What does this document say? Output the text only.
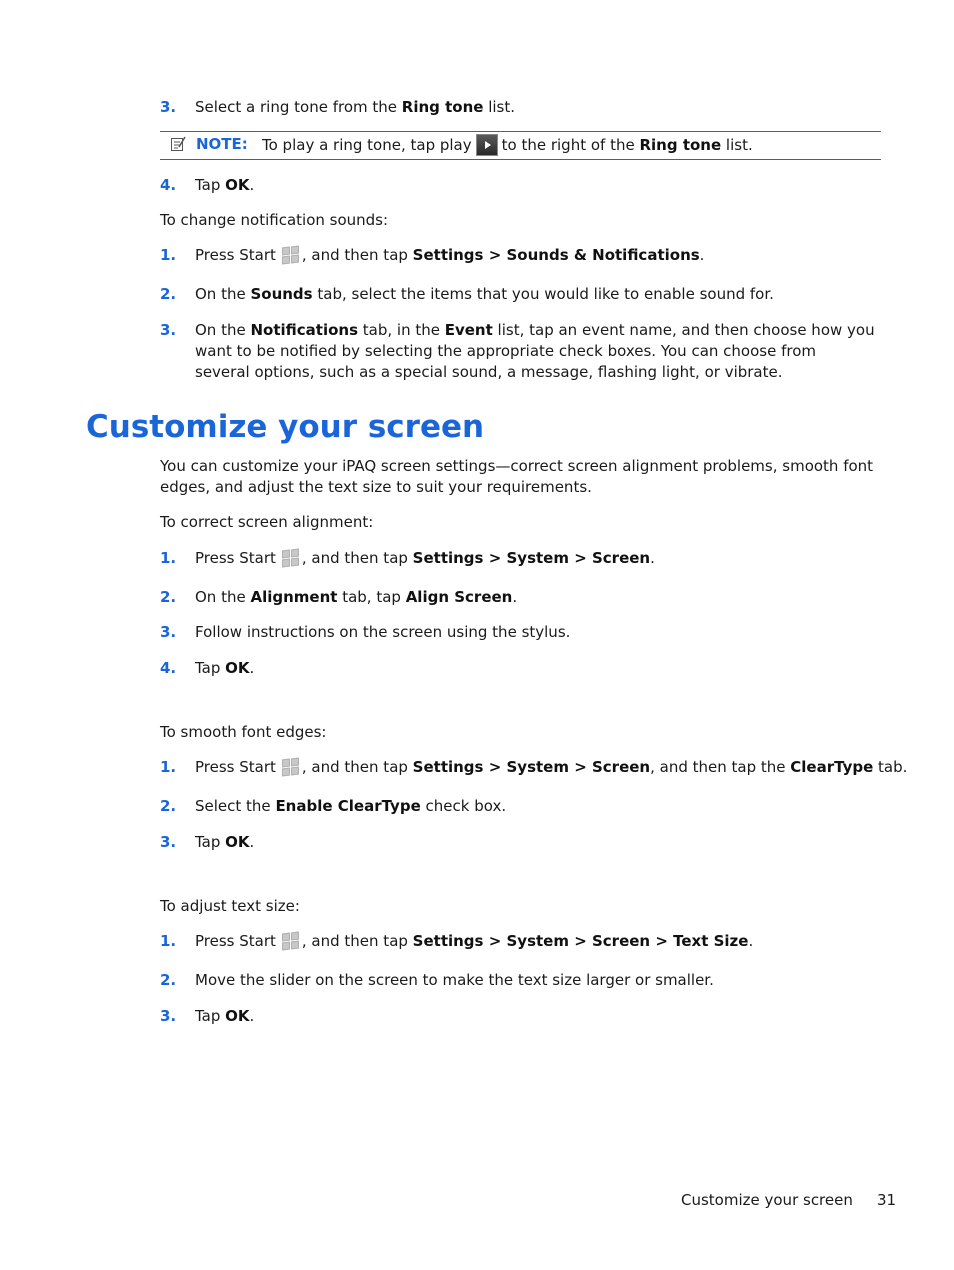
3. Select a ring tone from the Ring tone list.
NOTE: To play a ring tone, tap play to the right of the Ring tone list.
4. Tap OK.
To change notification sounds:
1. Press Start , and then tap Settings > Sounds & Notifications.
2. On the Sounds tab, select the items that you would like to enable sound for.
3. On the Notifications tab, in the Event list, tap an event name, and then choose how you want to be notified by selecting the appropriate check boxes. You can choose from several options, such as a special sound, a message, flashing light, or vibrate.
Customize your screen
You can customize your iPAQ screen settings—correct screen alignment problems, smooth font edges, and adjust the text size to suit your requirements.
To correct screen alignment:
1. Press Start , and then tap Settings > System > Screen.
2. On the Alignment tab, tap Align Screen.
3. Follow instructions on the screen using the stylus.
4. Tap OK.
To smooth font edges:
1. Press Start , and then tap Settings > System > Screen, and then tap the ClearType tab.
2. Select the Enable ClearType check box.
3. Tap OK.
To adjust text size:
1. Press Start , and then tap Settings > System > Screen > Text Size.
2. Move the slider on the screen to make the text size larger or smaller.
3. Tap OK.
Customize your screen 31
